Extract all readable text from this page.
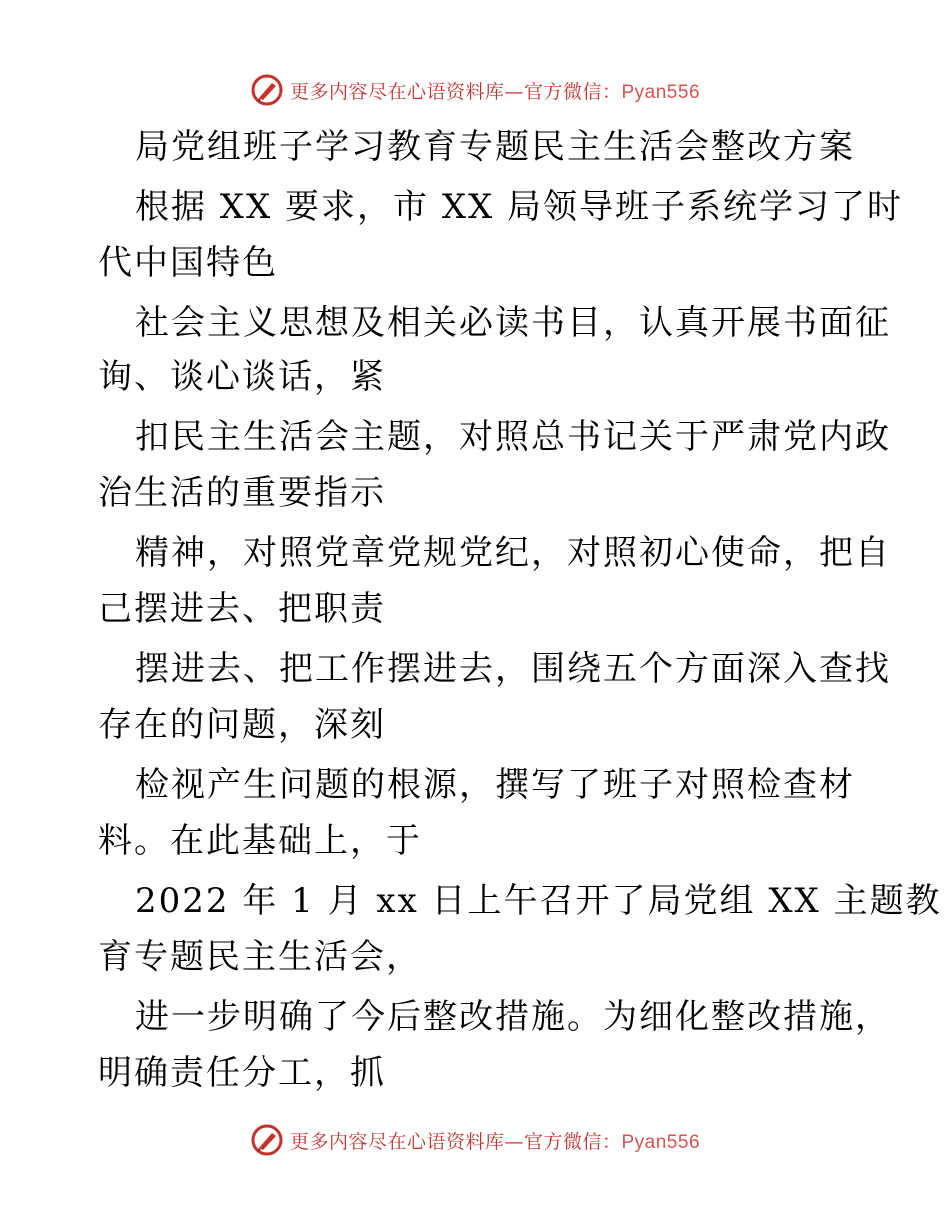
更多内容尽在心语资料库—官方微信：Pyan556
局党组班子学习教育专题民主生活会整改方案
根据 XX 要求，市 XX 局领导班子系统学习了时
代中国特色
社会主义思想及相关必读书目，认真开展书面征
询、谈心谈话，紧
扣民主生活会主题，对照总书记关于严肃党内政
治生活的重要指示
精神，对照党章党规党纪，对照初心使命，把自
己摆进去、把职责
摆进去、把工作摆进去，围绕五个方面深入查找
存在的问题，深刻
检视产生问题的根源，撰写了班子对照检查材
料。在此基础上，于
2022 年 1 月 xx 日上午召开了局党组 XX 主题教
育专题民主生活会，
进一步明确了今后整改措施。为细化整改措施，
明确责任分工，抓
更多内容尽在心语资料库—官方微信：Pyan556
